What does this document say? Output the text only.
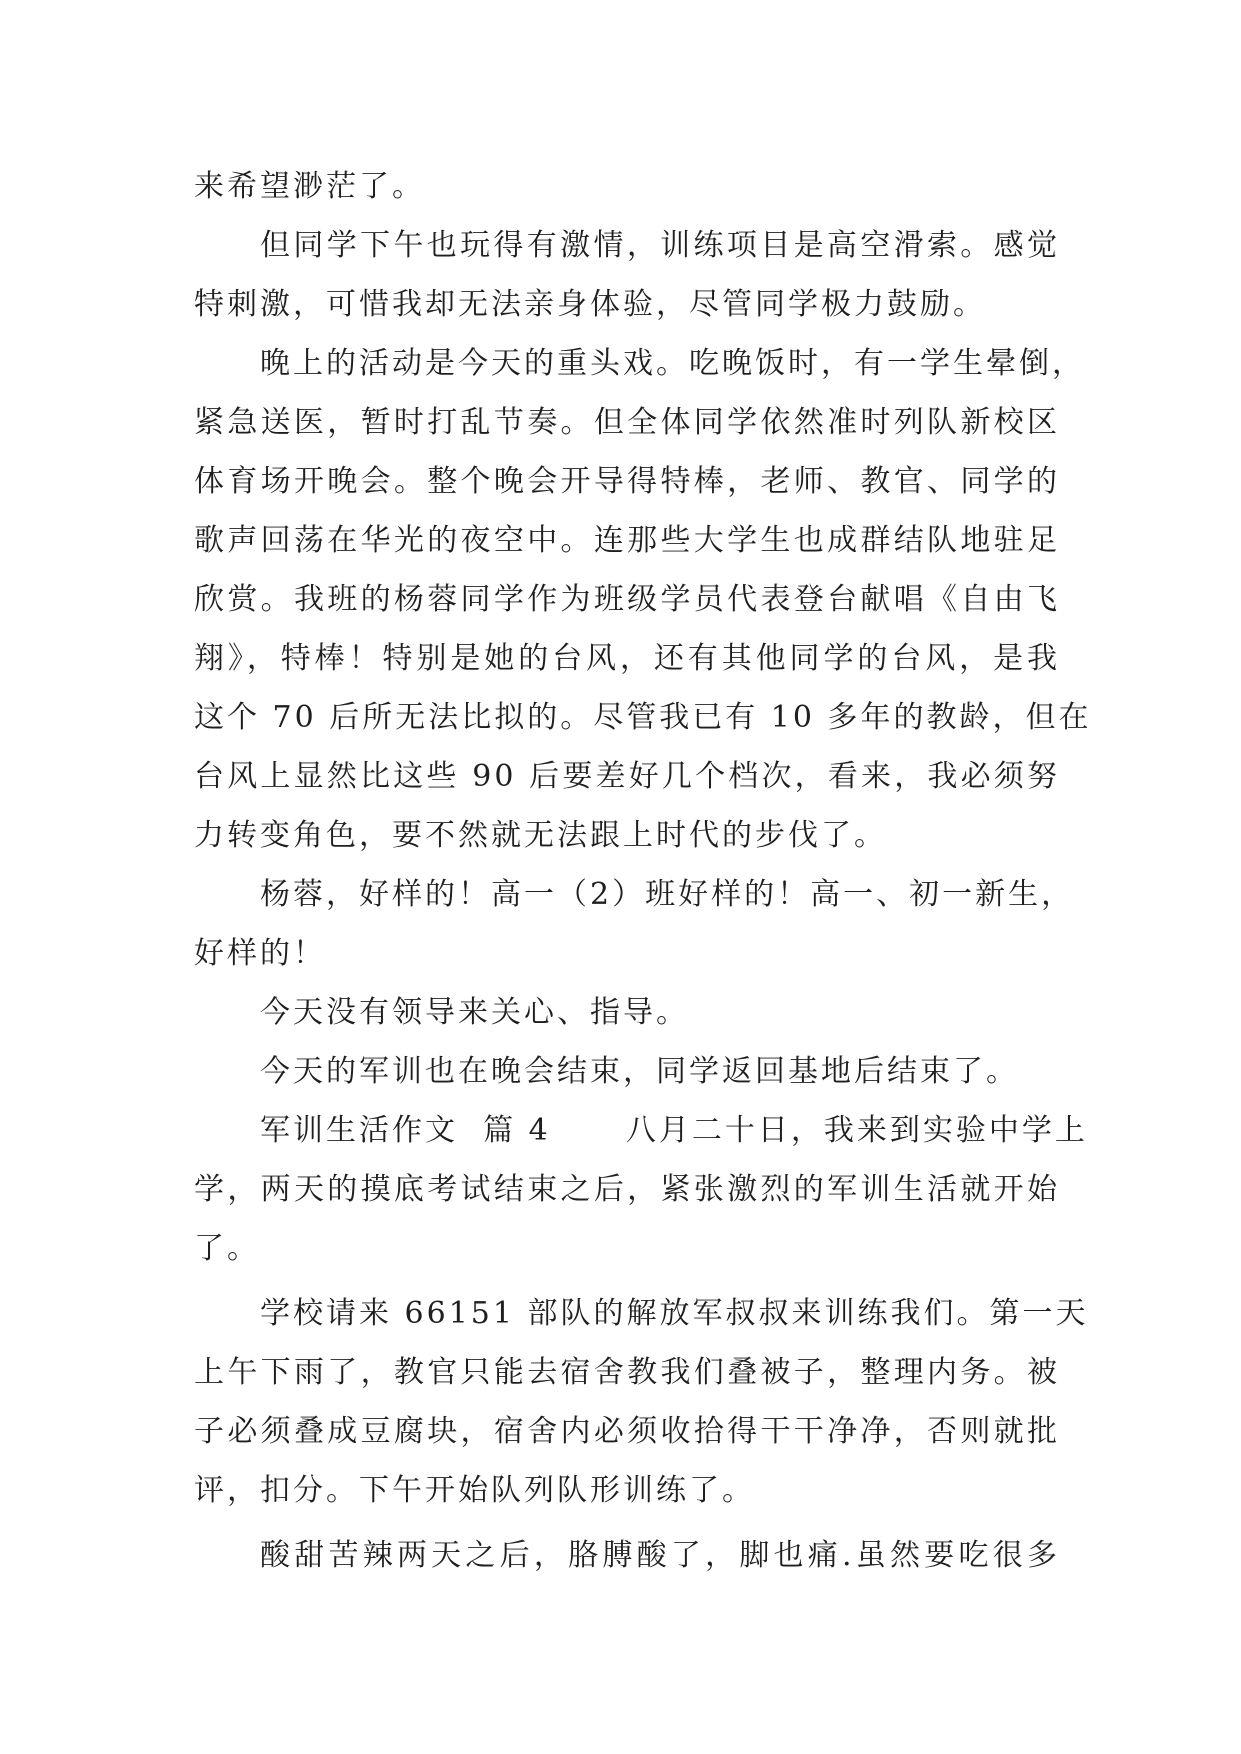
来希望渺茫了。
但同学下午也玩得有激情，训练项目是高空滑索。感觉
特刺激，可惜我却无法亲身体验，尽管同学极力鼓励。
晚上的活动是今天的重头戏。吃晚饭时，有一学生晕倒，
紧急送医，暂时打乱节奏。但全体同学依然准时列队新校区
体育场开晚会。整个晚会开导得特棒，老师、教官、同学的
歌声回荡在华光的夜空中。连那些大学生也成群结队地驻足
欣赏。我班的杨蓉同学作为班级学员代表登台献唱《自由飞
翔》，特棒！特别是她的台风，还有其他同学的台风，是我
这个 70 后所无法比拟的。尽管我已有 10 多年的教龄，但在
台风上显然比这些 90 后要差好几个档次，看来，我必须努
力转变角色，要不然就无法跟上时代的步伐了。
杨蓉，好样的！高一（2）班好样的！高一、初一新生，
好样的！
今天没有领导来关心、指导。
今天的军训也在晚会结束，同学返回基地后结束了。
军训生活作文  篇 4      八月二十日，我来到实验中学上
学，两天的摸底考试结束之后，紧张激烈的军训生活就开始
了。
学校请来 66151 部队的解放军叔叔来训练我们。第一天
上午下雨了，教官只能去宿舍教我们叠被子，整理内务。被
子必须叠成豆腐块，宿舍内必须收拾得干干净净，否则就批
评，扣分。下午开始队列队形训练了。
酸甜苦辣两天之后，胳膊酸了，脚也痛.虽然要吃很多
